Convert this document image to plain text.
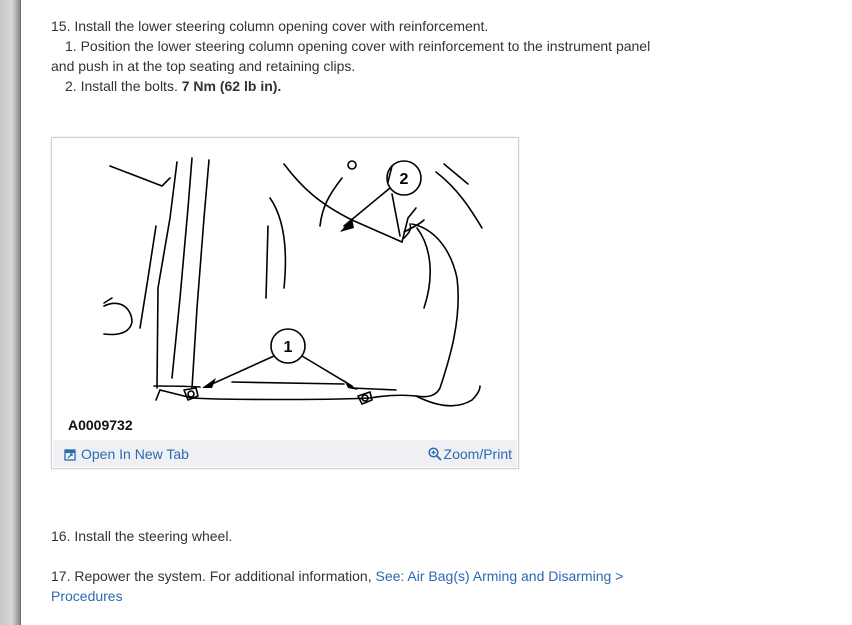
15. Install the lower steering column opening cover with reinforcement.

1. Position the lower steering column opening cover with reinforcement to the instrument panel

and push in at the top seating and retaining clips.

2. Install the bolts. 7 Nm (62 lb in).

1
2
A0009732
Open In New Tab	Zoom/Print

16. Install the steering wheel.

17. Repower the system. For additional information, See: Air Bag(s) Arming and Disarming >

Procedures
